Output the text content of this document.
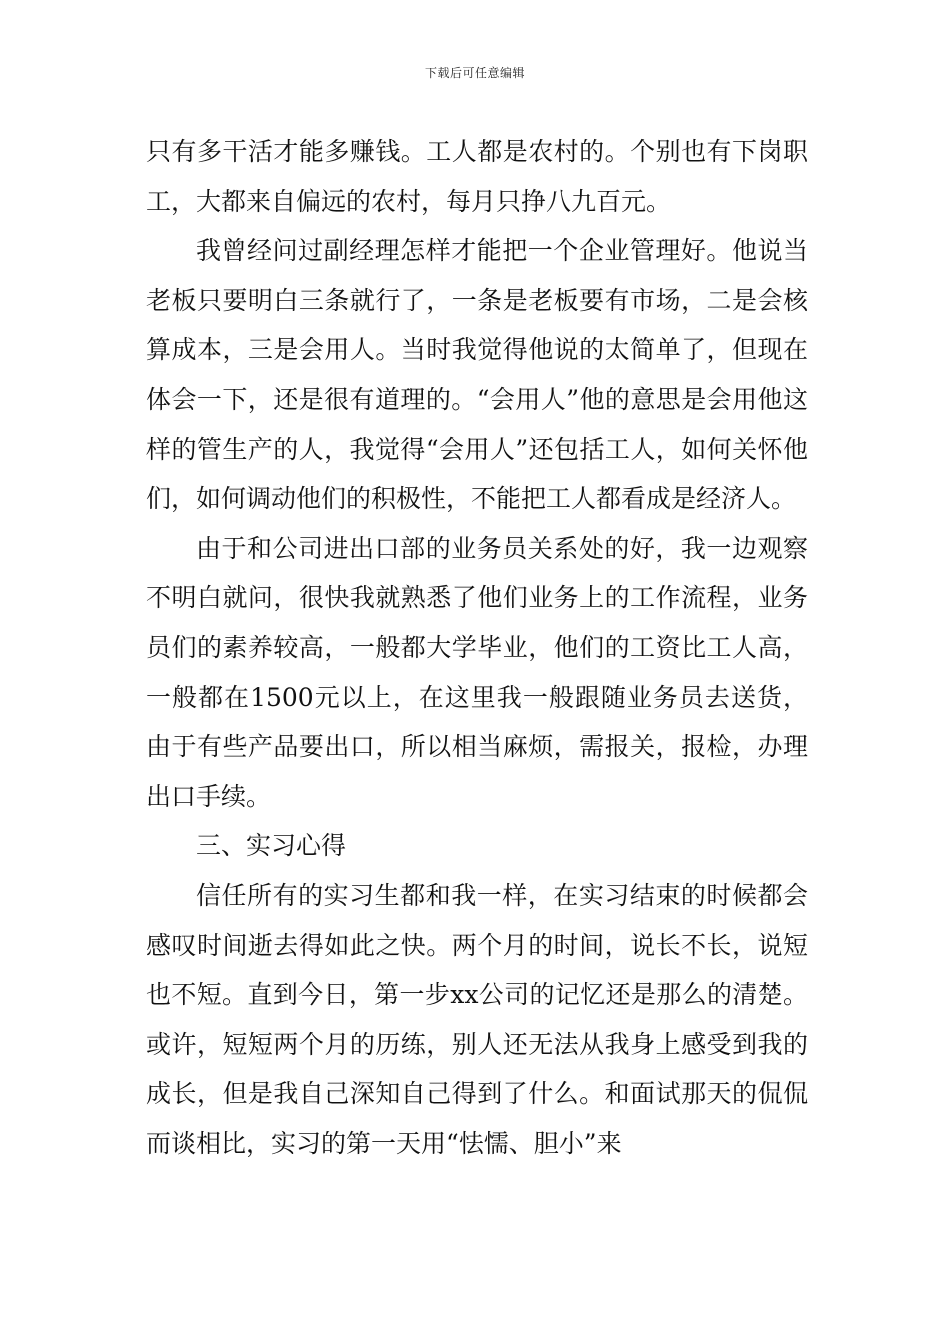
下载后可任意编辑

只有多干活才能多赚钱。工人都是农村的。个别也有下岗职工，大都来自偏远的农村，每月只挣八九百元。

我曾经问过副经理怎样才能把一个企业管理好。他说当老板只要明白三条就行了，一条是老板要有市场，二是会核算成本，三是会用人。当时我觉得他说的太简单了，但现在体会一下，还是很有道理的。“会用人”他的意思是会用他这样的管生产的人，我觉得“会用人”还包括工人，如何关怀他们，如何调动他们的积极性，不能把工人都看成是经济人。

由于和公司进出口部的业务员关系处的好，我一边观察不明白就问，很快我就熟悉了他们业务上的工作流程，业务员们的素养较高，一般都大学毕业，他们的工资比工人高，一般都在1500元以上，在这里我一般跟随业务员去送货，由于有些产品要出口，所以相当麻烦，需报关，报检，办理出口手续。

三、实习心得

信任所有的实习生都和我一样，在实习结束的时候都会感叹时间逝去得如此之快。两个月的时间，说长不长，说短也不短。直到今日，第一步xx公司的记忆还是那么的清楚。或许，短短两个月的历练，别人还无法从我身上感受到我的成长，但是我自己深知自己得到了什么。和面试那天的侃侃而谈相比，实习的第一天用“怯懦、胆小”来
